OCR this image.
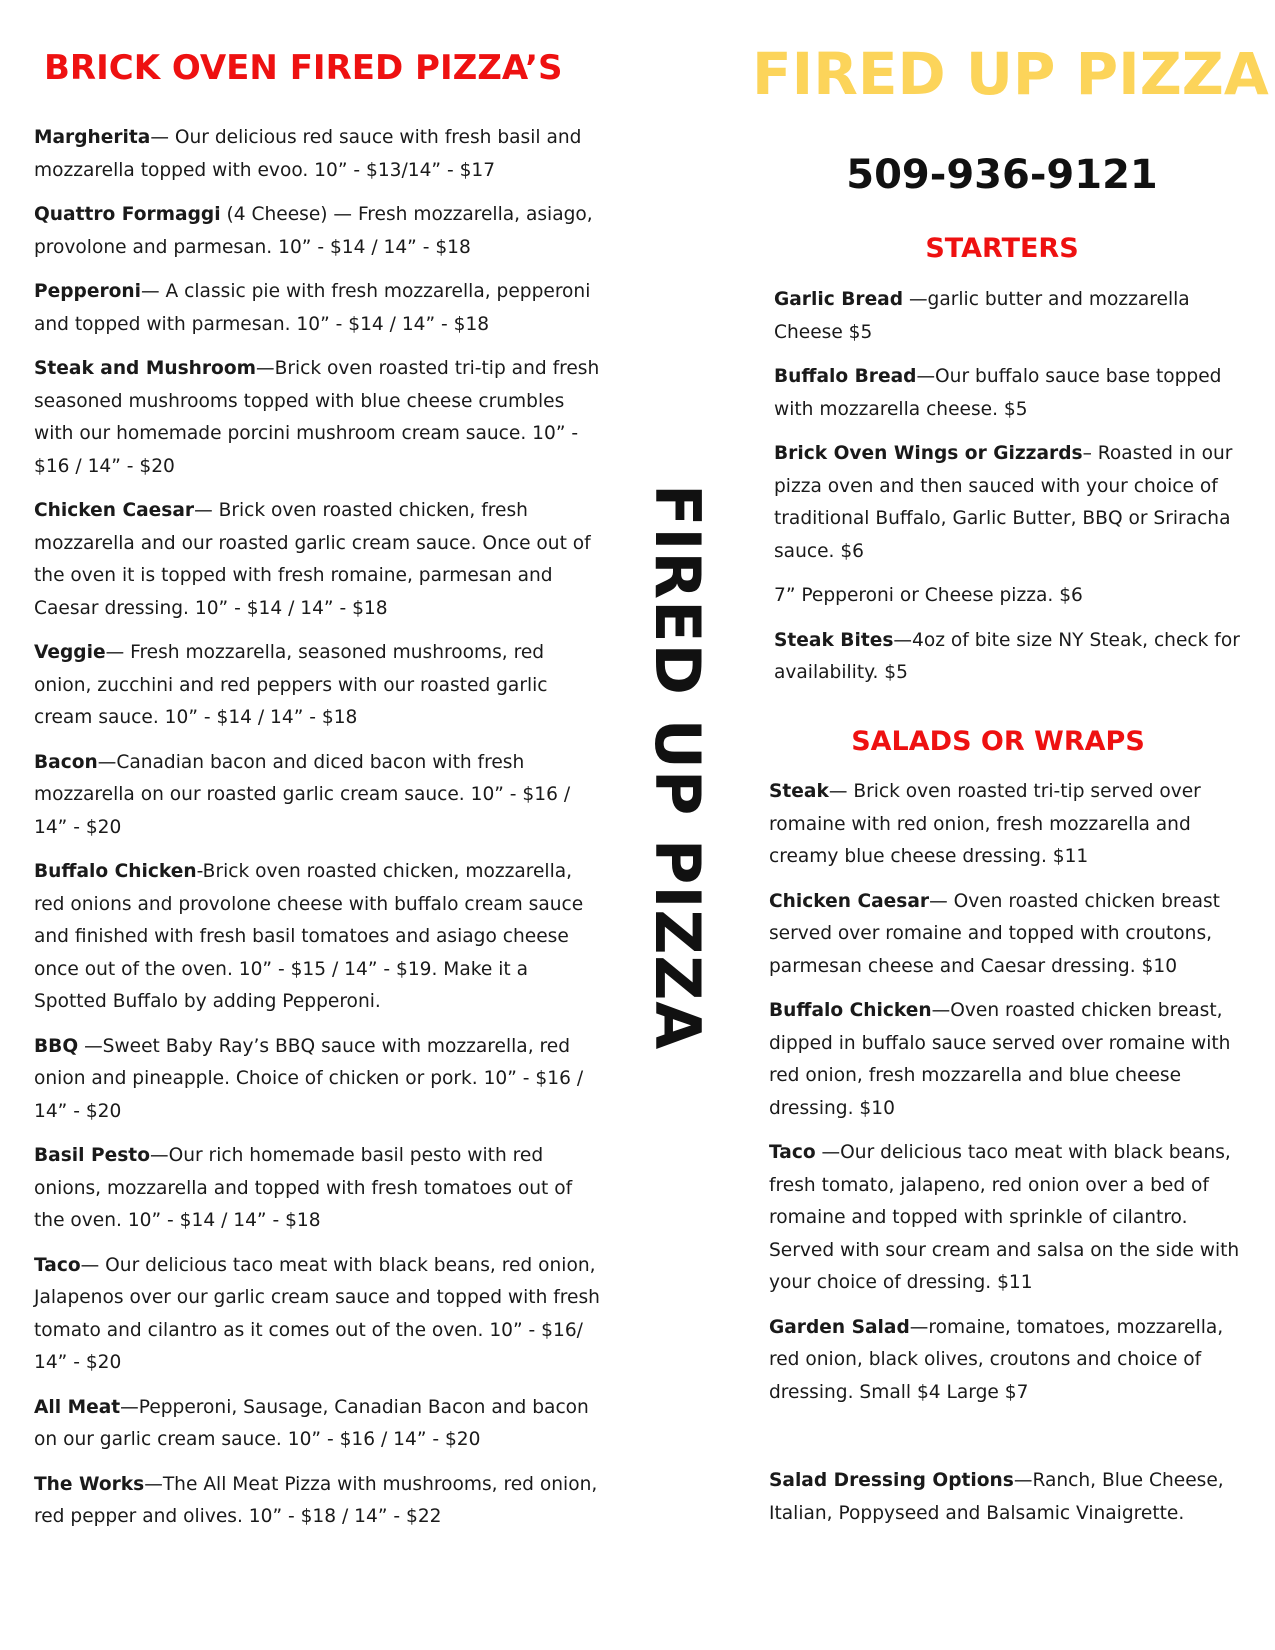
BRICK OVEN FIRED PIZZA’S

Margherita— Our delicious red sauce with fresh basil and mozzarella topped with evoo. 10” - $13/14” - $17

Quattro Formaggi (4 Cheese) — Fresh mozzarella, asiago, provolone and parmesan. 10” - $14 / 14” - $18

Pepperoni— A classic pie with fresh mozzarella, pepperoni and topped with parmesan. 10” - $14 / 14” - $18

Steak and Mushroom—Brick oven roasted tri-tip and fresh seasoned mushrooms topped with blue cheese crumbles with our homemade porcini mushroom cream sauce. 10” - $16 / 14” - $20

Chicken Caesar— Brick oven roasted chicken, fresh mozzarella and our roasted garlic cream sauce. Once out of the oven it is topped with fresh romaine, parmesan and Caesar dressing. 10” - $14 / 14” - $18

Veggie— Fresh mozzarella, seasoned mushrooms, red onion, zucchini and red peppers with our roasted garlic cream sauce. 10” - $14 / 14” - $18

Bacon—Canadian bacon and diced bacon with fresh mozzarella on our roasted garlic cream sauce. 10” - $16 / 14” - $20

Buffalo Chicken-Brick oven roasted chicken, mozzarella, red onions and provolone cheese with buffalo cream sauce and finished with fresh basil tomatoes and asiago cheese once out of the oven. 10” - $15 / 14” - $19. Make it a Spotted Buffalo by adding Pepperoni.

BBQ —Sweet Baby Ray’s BBQ sauce with mozzarella, red onion and pineapple. Choice of chicken or pork. 10” - $16 / 14” - $20

Basil Pesto—Our rich homemade basil pesto with red onions, mozzarella and topped with fresh tomatoes out of the oven. 10” - $14 / 14” - $18

Taco— Our delicious taco meat with black beans, red onion, Jalapenos over our garlic cream sauce and topped with fresh tomato and cilantro as it comes out of the oven. 10” - $16/ 14” - $20

All Meat—Pepperoni, Sausage, Canadian Bacon and bacon on our garlic cream sauce. 10” - $16 / 14” - $20

The Works—The All Meat Pizza with mushrooms, red onion, red pepper and olives. 10” - $18 / 14” - $22

FIRED UP PIZZA
FIRED UP PIZZA
509-936-9121
STARTERS

Garlic Bread —garlic butter and mozzarella Cheese $5

Buffalo Bread—Our buffalo sauce base topped with mozzarella cheese. $5

Brick Oven Wings or Gizzards– Roasted in our pizza oven and then sauced with your choice of traditional Buffalo, Garlic Butter, BBQ or Sriracha sauce. $6

7” Pepperoni or Cheese pizza. $6

Steak Bites—4oz of bite size NY Steak, check for availability. $5

SALADS OR WRAPS

Steak— Brick oven roasted tri-tip served over romaine with red onion, fresh mozzarella and creamy blue cheese dressing. $11

Chicken Caesar— Oven roasted chicken breast served over romaine and topped with croutons, parmesan cheese and Caesar dressing. $10

Buffalo Chicken—Oven roasted chicken breast, dipped in buffalo sauce served over romaine with red onion, fresh mozzarella and blue cheese dressing. $10

Taco —Our delicious taco meat with black beans, fresh tomato, jalapeno, red onion over a bed of romaine and topped with sprinkle of cilantro. Served with sour cream and salsa on the side with your choice of dressing. $11

Garden Salad—romaine, tomatoes, mozzarella, red onion, black olives, croutons and choice of dressing. Small $4 Large $7

Salad Dressing Options—Ranch, Blue Cheese, Italian, Poppyseed and Balsamic Vinaigrette.
